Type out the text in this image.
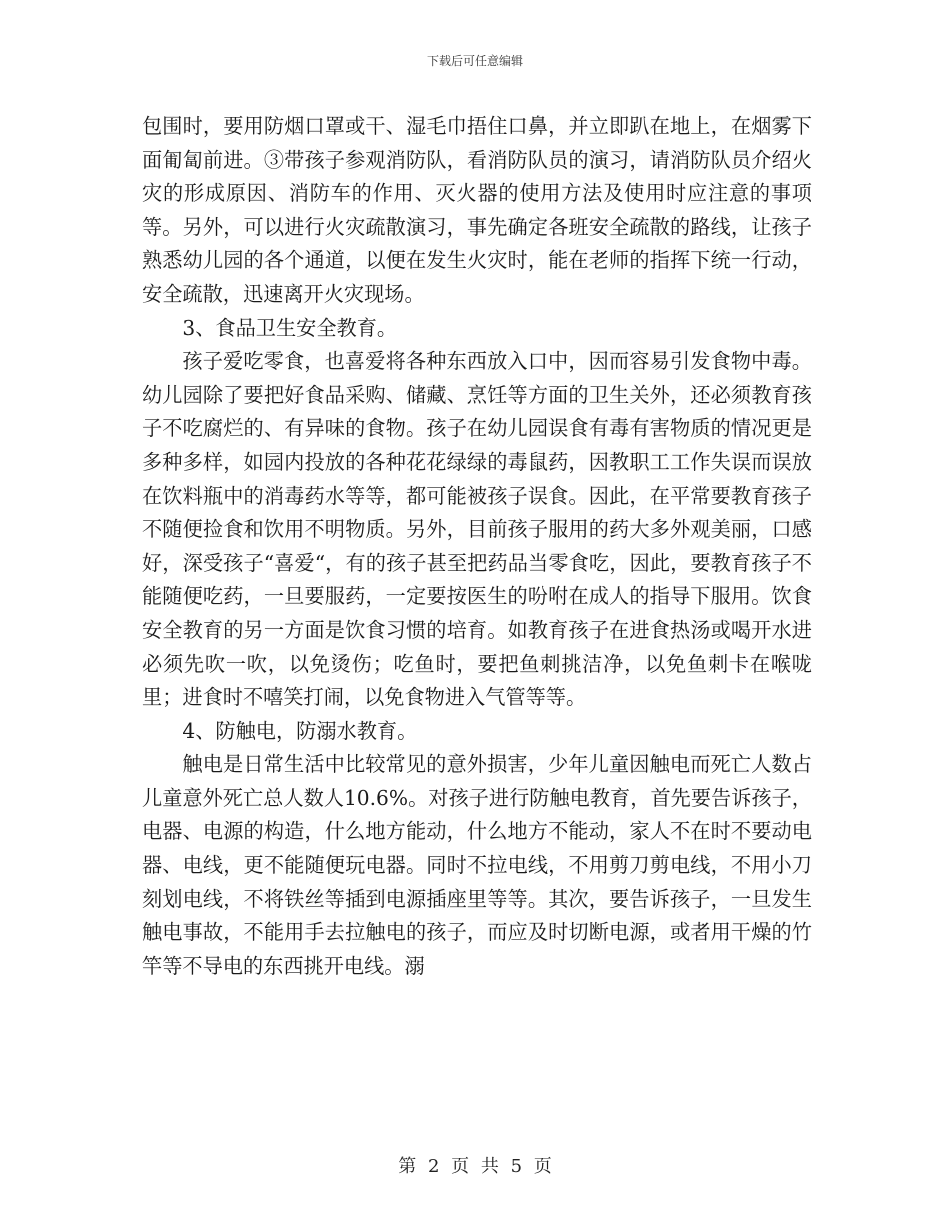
下载后可任意编辑

包围时，要用防烟口罩或干、湿毛巾捂住口鼻，并立即趴在地上，在烟雾下面匍匐前进。③带孩子参观消防队，看消防队员的演习，请消防队员介绍火灾的形成原因、消防车的作用、灭火器的使用方法及使用时应注意的事项等。另外，可以进行火灾疏散演习，事先确定各班安全疏散的路线，让孩子熟悉幼儿园的各个通道，以便在发生火灾时，能在老师的指挥下统一行动，安全疏散，迅速离开火灾现场。

3、食品卫生安全教育。

孩子爱吃零食，也喜爱将各种东西放入口中，因而容易引发食物中毒。幼儿园除了要把好食品采购、储藏、烹饪等方面的卫生关外，还必须教育孩子不吃腐烂的、有异味的食物。孩子在幼儿园误食有毒有害物质的情况更是多种多样，如园内投放的各种花花绿绿的毒鼠药，因教职工工作失误而误放在饮料瓶中的消毒药水等等，都可能被孩子误食。因此，在平常要教育孩子不随便捡食和饮用不明物质。另外，目前孩子服用的药大多外观美丽，口感好，深受孩子“喜爱“，有的孩子甚至把药品当零食吃，因此，要教育孩子不能随便吃药，一旦要服药，一定要按医生的吩咐在成人的指导下服用。饮食安全教育的另一方面是饮食习惯的培育。如教育孩子在进食热汤或喝开水进必须先吹一吹，以免烫伤；吃鱼时，要把鱼刺挑洁净，以免鱼刺卡在喉咙里；进食时不嘻笑打闹，以免食物进入气管等等。

4、防触电，防溺水教育。

触电是日常生活中比较常见的意外损害，少年儿童因触电而死亡人数占儿童意外死亡总人数人10.6%。对孩子进行防触电教育，首先要告诉孩子，电器、电源的构造，什么地方能动，什么地方不能动，家人不在时不要动电器、电线，更不能随便玩电器。同时不拉电线，不用剪刀剪电线，不用小刀刻划电线，不将铁丝等插到电源插座里等等。其次，要告诉孩子，一旦发生触电事故，不能用手去拉触电的孩子，而应及时切断电源，或者用干燥的竹竿等不导电的东西挑开电线。溺

第 2 页 共 5 页
